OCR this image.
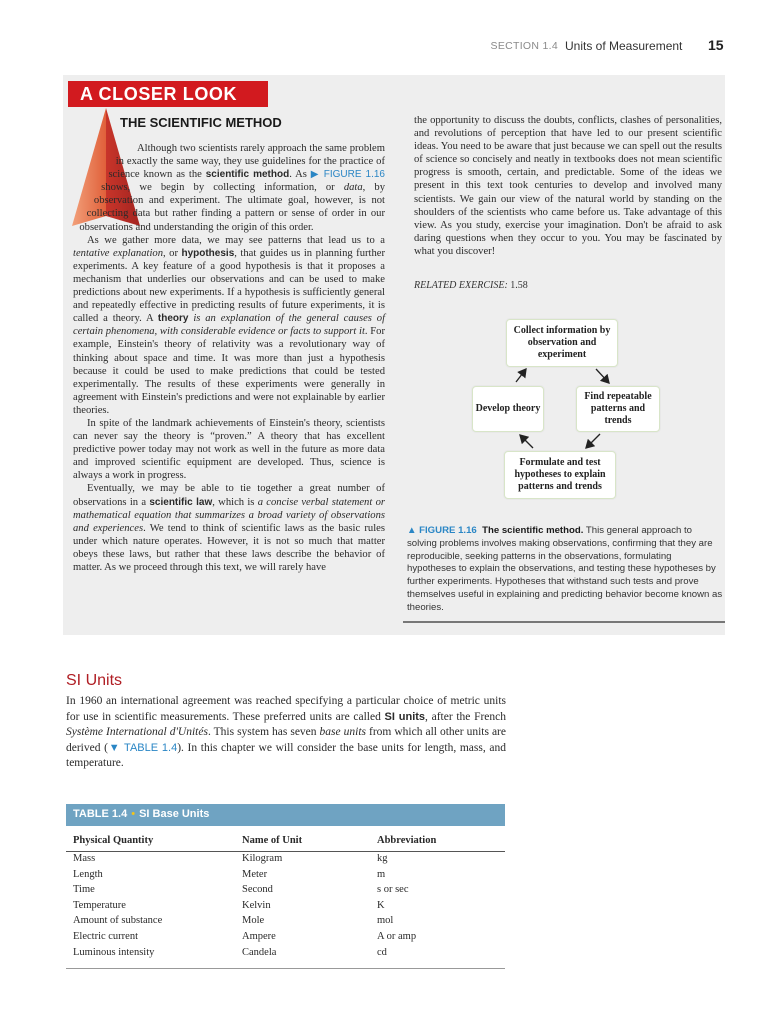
SECTION 1.4 Units of Measurement 15
A CLOSER LOOK
THE SCIENTIFIC METHOD

Although two scientists rarely approach the same problem in exactly the same way, they use guidelines for the practice of science known as the scientific method. As ▶ FIGURE 1.16 shows, we begin by collecting information, or data, by observation and experiment. The ultimate goal, however, is not collecting data but rather finding a pattern or sense of order in our observations and understanding the origin of this order.

As we gather more data, we may see patterns that lead us to a tentative explanation, or hypothesis, that guides us in planning further experiments. A key feature of a good hypothesis is that it proposes a mechanism that underlies our observations and can be used to make predictions about new experiments. If a hypothesis is sufficiently general and repeatedly effective in predicting results of future experiments, it is called a theory. A theory is an explanation of the general causes of certain phenomena, with considerable evidence or facts to support it. For example, Einstein's theory of relativity was a revolutionary way of thinking about space and time. It was more than just a hypothesis because it could be used to make predictions that could be tested experimentally. The results of these experiments were generally in agreement with Einstein's predictions and were not explainable by earlier theories.

In spite of the landmark achievements of Einstein's theory, scientists can never say the theory is “proven.” A theory that has excellent predictive power today may not work as well in the future as more data and improved scientific equipment are developed. Thus, science is always a work in progress.

Eventually, we may be able to tie together a great number of observations in a scientific law, which is a concise verbal statement or mathematical equation that summarizes a broad variety of observations and experiences. We tend to think of scientific laws as the basic rules under which nature operates. However, it is not so much that matter obeys these laws, but rather that these laws describe the behavior of matter. As we proceed through this text, we will rarely have

the opportunity to discuss the doubts, conflicts, clashes of personalities, and revolutions of perception that have led to our present scientific ideas. You need to be aware that just because we can spell out the results of science so concisely and neatly in textbooks does not mean scientific progress is smooth, certain, and predictable. Some of the ideas we present in this text took centuries to develop and involved many scientists. We gain our view of the natural world by standing on the shoulders of the scientists who came before us. Take advantage of this view. As you study, exercise your imagination. Don't be afraid to ask daring questions when they occur to you. You may be fascinated by what you discover!
RELATED EXERCISE: 1.58
Collect information by observation and experiment
Find repeatable patterns and trends
Formulate and test hypotheses to explain patterns and trends
Develop theory
▲ FIGURE 1.16 The scientific method. This general approach to solving problems involves making observations, confirming that they are reproducible, seeking patterns in the observations, formulating hypotheses to explain the observations, and testing these hypotheses by further experiments. Hypotheses that withstand such tests and prove themselves useful in explaining and predicting behavior become known as theories.
SI Units
In 1960 an international agreement was reached specifying a particular choice of metric units for use in scientific measurements. These preferred units are called SI units, after the French Système International d'Unités. This system has seven base units from which all other units are derived (▼ TABLE 1.4). In this chapter we will consider the base units for length, mass, and temperature.
TABLE 1.4 • SI Base Units
Physical Quantity	Name of Unit	Abbreviation
Mass	Kilogram	kg
Length	Meter	m
Time	Second	s or sec
Temperature	Kelvin	K
Amount of substance	Mole	mol
Electric current	Ampere	A or amp
Luminous intensity	Candela	cd
